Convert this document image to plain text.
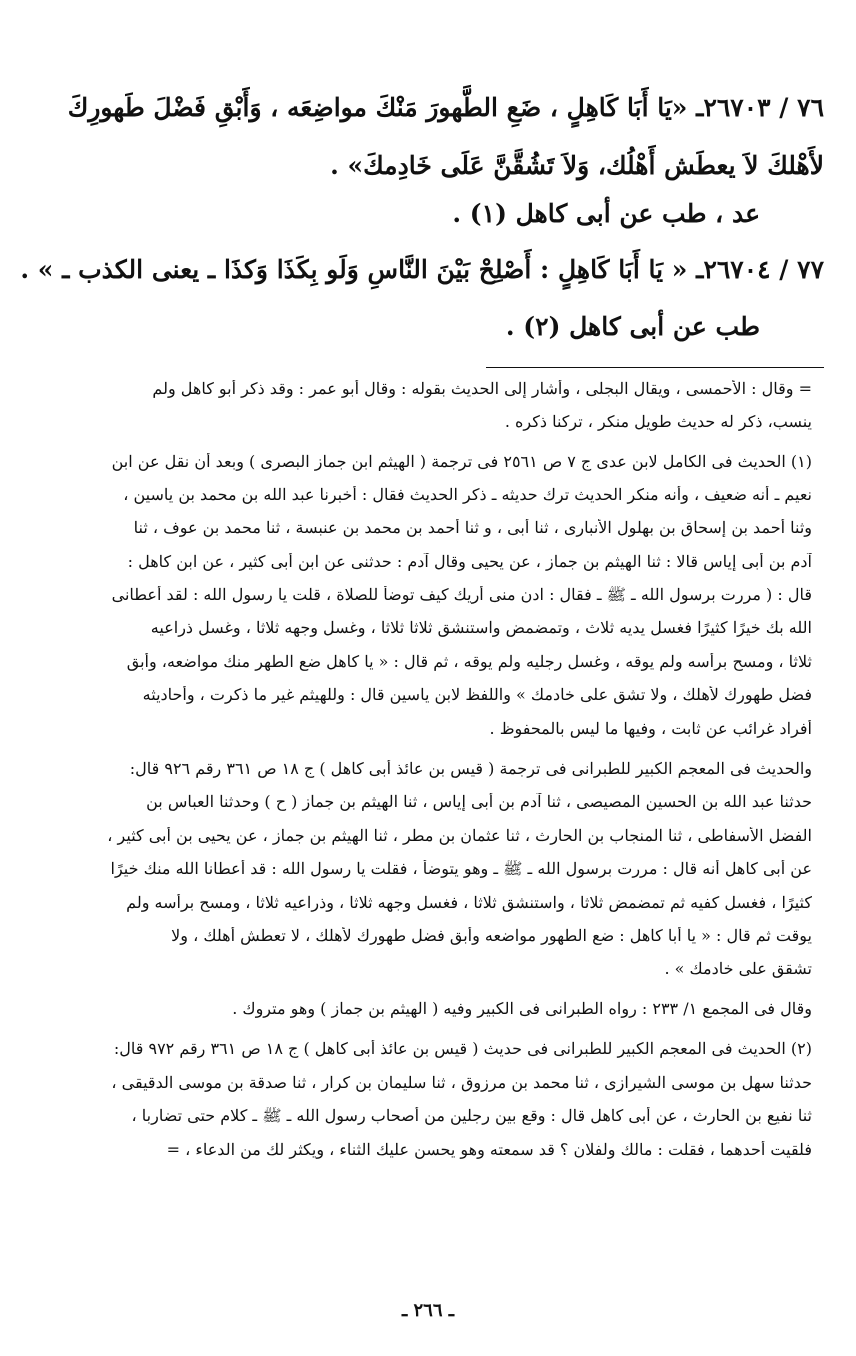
٧٦ / ٢٦٧٠٣ـ «يَا أَبَا كَاهِلٍ ، ضَعِ الطَّهورَ مَنْكَ مواضِعَه ، وَأَبْقِ فَضْلَ طَهورِكَ
لأَهْلكَ لاَ يعطَش أَهْلُك، وَلاَ تَشُقَّنَّ عَلَى خَادِمكَ» .
عد ، طب عن أبى كاهل (١) .
٧٧ / ٢٦٧٠٤ـ « يَا أَبَا كَاهِلٍ : أَصْلِحْ بَيْنَ النَّاسِ وَلَو بِكَذَا وَكذَا ـ يعنى الكذب ـ » .
طب عن أبى كاهل (٢) .
= وقال : الأحمسى ، ويقال البجلى ، وأشار إلى الحديث بقوله : وقال أبو عمر : وقد ذكر أبو كاهل ولم
ينسب، ذكر له حديث طويل منكر ، تركنا ذكره .
(١) الحديث فى الكامل لابن عدى ج ٧ ص ٢٥٦١ فى ترجمة ( الهيثم ابن جماز البصرى ) وبعد أن نقل عن ابن
نعيم ـ أنه ضعيف ، وأنه منكر الحديث ترك حديثه ـ ذكر الحديث فقال : أخبرنا عبد الله بن محمد بن ياسين ،
وثنا أحمد بن إسحاق بن بهلول الأنبارى ، ثنا أبى ، و ثنا أحمد بن محمد بن عنبسة ، ثنا محمد بن عوف ، ثنا
آدم بن أبى إياس قالا : ثنا الهيثم بن جماز ، عن يحيى وقال آدم : حدثنى عن ابن أبى كثير ، عن ابن كاهل :
قال : ( مررت برسول الله ـ ﷺ ـ فقال : ادن منى أريك كيف توضأ للصلاة ، قلت يا رسول الله : لقد أعطانى
الله بك خيرًا كثيرًا فغسل يديه ثلاث ، وتمضمض واستنشق ثلاثا ثلاثا ، وغسل وجهه ثلاثا ، وغسل ذراعيه
ثلاثا ، ومسح برأسه ولم يوقه ، وغسل رجليه ولم يوقه ، ثم قال : « يا كاهل ضع الطهر منك مواضعه، وأبق
فضل طهورك لأهلك ، ولا تشق على خادمك » واللفظ لابن ياسين قال : وللهيثم غير ما ذكرت ، وأحاديثه
أفراد غرائب عن ثابت ، وفيها ما ليس بالمحفوظ .
والحديث فى المعجم الكبير للطبرانى فى ترجمة ( قيس بن عائذ أبى كاهل ) ج ١٨ ص ٣٦١ رقم ٩٢٦ قال:
حدثنا عبد الله بن الحسين المصيصى ، ثنا آدم بن أبى إياس ، ثنا الهيثم بن جماز ( ح ) وحدثنا العباس بن
الفضل الأسفاطى ، ثنا المنجاب بن الحارث ، ثنا عثمان بن مطر ، ثنا الهيثم بن جماز ، عن يحيى بن أبى كثير ،
عن أبى كاهل أنه قال : مررت برسول الله ـ ﷺ ـ وهو يتوضأ ، فقلت يا رسول الله : قد أعطانا الله منك خيرًا
كثيرًا ، فغسل كفيه ثم تمضمض ثلاثا ، واستنشق ثلاثا ، فغسل وجهه ثلاثا ، وذراعيه ثلاثا ، ومسح برأسه ولم
يوقت ثم قال : « يا أبا كاهل : ضع الطهور مواضعه وأبق فضل طهورك لأهلك ، لا تعطش أهلك ، ولا
تشقق على خادمك » .
وقال فى المجمع ١/ ٢٣٣ : رواه الطبرانى فى الكبير وفيه ( الهيثم بن جماز ) وهو متروك .
(٢) الحديث فى المعجم الكبير للطبرانى فى حديث ( قيس بن عائذ أبى كاهل ) ج ١٨ ص ٣٦١ رقم ٩٧٢ قال:
حدثنا سهل بن موسى الشيرازى ، ثنا محمد بن مرزوق ، ثنا سليمان بن كرار ، ثنا صدقة بن موسى الدقيقى ،
ثنا نفيع بن الحارث ، عن أبى كاهل قال : وقع بين رجلين من أصحاب رسول الله ـ ﷺ ـ كلام حتى تضاربا ،
فلقيت أحدهما ، فقلت : مالك ولفلان ؟ قد سمعته وهو يحسن عليك الثناء ، ويكثر لك من الدعاء ، =
ـ ٢٦٦ ـ
